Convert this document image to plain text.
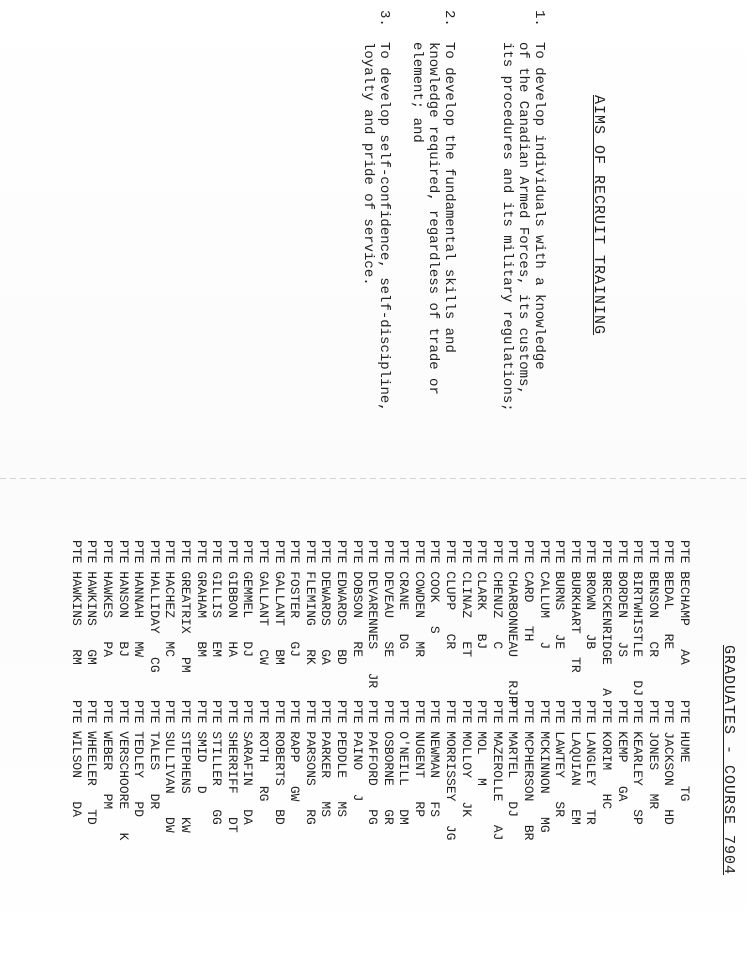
AIMS OF RECRUIT TRAINING

1.

To develop individuals with a knowledge
of the Canadian Armed Forces, its customs,
its procedures and its military regulations;

2.

To develop the fundamental skills and
knowledge required, regardless of trade or
element; and

3.

To develop self-confidence, self-discipline,
loyalty and pride of service.

GRADUATES - COURSE 7904
PTE BECHAMP   AA
PTE BEDAL   RE
PTE BENSON   CR
PTE BIRTWHISTLE   DJ
PTE BORDEN   JS
PTE BRECKENRIDGE   A
PTE BROWN   JB
PTE BURKHART   TR
PTE BURNS   JE
PTE CALLUM   J
PTE CARD   TH
PTE CHARBONNEAU   RJP
PTE CHENUZ   C
PTE CLARK   BJ
PTE CLINAZ   ET
PTE CLUPP   CR
PTE COOK   S
PTE COWDEN   MR
PTE CRANE   DG
PTE DEVEAU   SE
PTE DEVARENNES   JR
PTE DOBSON   RE
PTE EDWARDS   BD
PTE DEWARDS   GA
PTE FLEMING   RK
PTE FOSTER   GJ
PTE GALLANT   BM
PTE GALLANT   CW
PTE GEMMEL   DJ
PTE GIBBON   HA
PTE GILLIS   EM
PTE GRAHAM   BM
PTE GREATRIX   PM
PTE HACHEZ   MC
PTE HALLIDAY   CG
PTE HANNAH   MW
PTE HANSON   BJ
PTE HAWKES   PA
PTE HAWKINS   GM
PTE HAWKINS   RM
PTE HUME   TG
PTE JACKSON   HD
PTE JONES   MR
PTE KEARLEY   SP
PTE KEMP   GA
PTE KORIM   HC
PTE LANGLEY   TR
PTE LAQUIAN   EM
PTE LAWTEY   SR
PTE MCKINNON   MG
PTE MCPHERSON   BR
PTE MARTEL   DJ
PTE MAZEROLLE   AJ
PTE MOL   M
PTE MOLLOY   JK
PTE MORRISSEY   JG
PTE NEWMAN   FS
PTE NUGENT   RP
PTE O'NEILL   DM
PTE OSBORNE   GR
PTE PAFFORD   PG
PTE PAINO   J
PTE PEDDLE   MS
PTE PARKER   MS
PTE PARSONS   RG
PTE RAPP   GW
PTE ROBERTS   BD
PTE ROTH   RG
PTE SARAFIN   DA
PTE SHERRIFF   DT
PTE STILLER   GG
PTE SMID   D
PTE STEPHENS   KW
PTE SULLIVAN   DW
PTE TALES   DR
PTE TEDLEY   PD
PTE VERSCHOORE   K
PTE WEBER   PM
PTE WHEELER   TD
PTE WILSON   DA
